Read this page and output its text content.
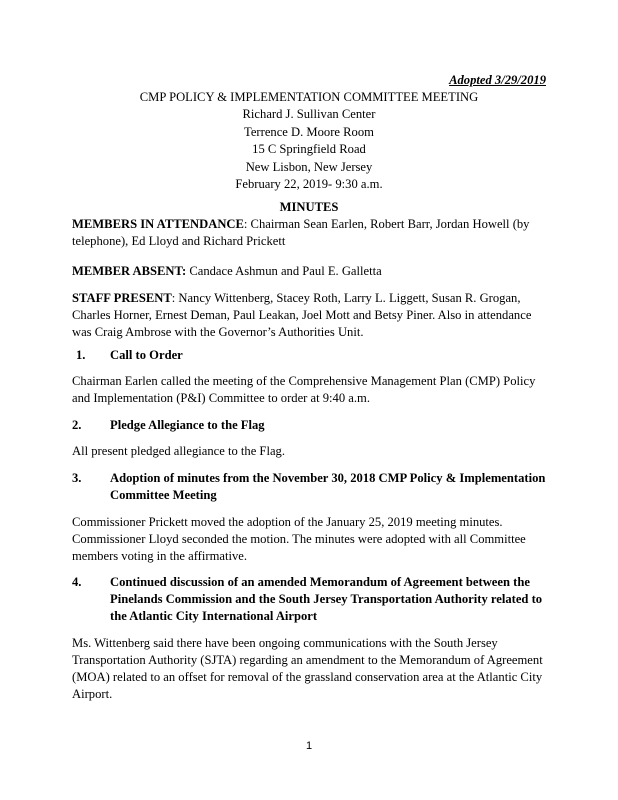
Adopted 3/29/2019
CMP POLICY & IMPLEMENTATION COMMITTEE MEETING
Richard J. Sullivan Center
Terrence D. Moore Room
15 C Springfield Road
New Lisbon, New Jersey
February 22, 2019- 9:30 a.m.
MINUTES
MEMBERS IN ATTENDANCE: Chairman Sean Earlen, Robert Barr, Jordan Howell (by telephone), Ed Lloyd and Richard Prickett
MEMBER ABSENT: Candace Ashmun and Paul E. Galletta
STAFF PRESENT: Nancy Wittenberg, Stacey Roth, Larry L. Liggett, Susan R. Grogan, Charles Horner, Ernest Deman, Paul Leakan, Joel Mott and Betsy Piner. Also in attendance was Craig Ambrose with the Governor’s Authorities Unit.
1. Call to Order
Chairman Earlen called the meeting of the Comprehensive Management Plan (CMP) Policy and Implementation (P&I) Committee to order at 9:40 a.m.
2. Pledge Allegiance to the Flag
All present pledged allegiance to the Flag.
3. Adoption of minutes from the November 30, 2018 CMP Policy & Implementation Committee Meeting
Commissioner Prickett moved the adoption of the January 25, 2019 meeting minutes. Commissioner Lloyd seconded the motion. The minutes were adopted with all Committee members voting in the affirmative.
4. Continued discussion of an amended Memorandum of Agreement between the Pinelands Commission and the South Jersey Transportation Authority related to the Atlantic City International Airport
Ms. Wittenberg said there have been ongoing communications with the South Jersey Transportation Authority (SJTA) regarding an amendment to the Memorandum of Agreement (MOA) related to an offset for removal of the grassland conservation area at the Atlantic City Airport.
1
